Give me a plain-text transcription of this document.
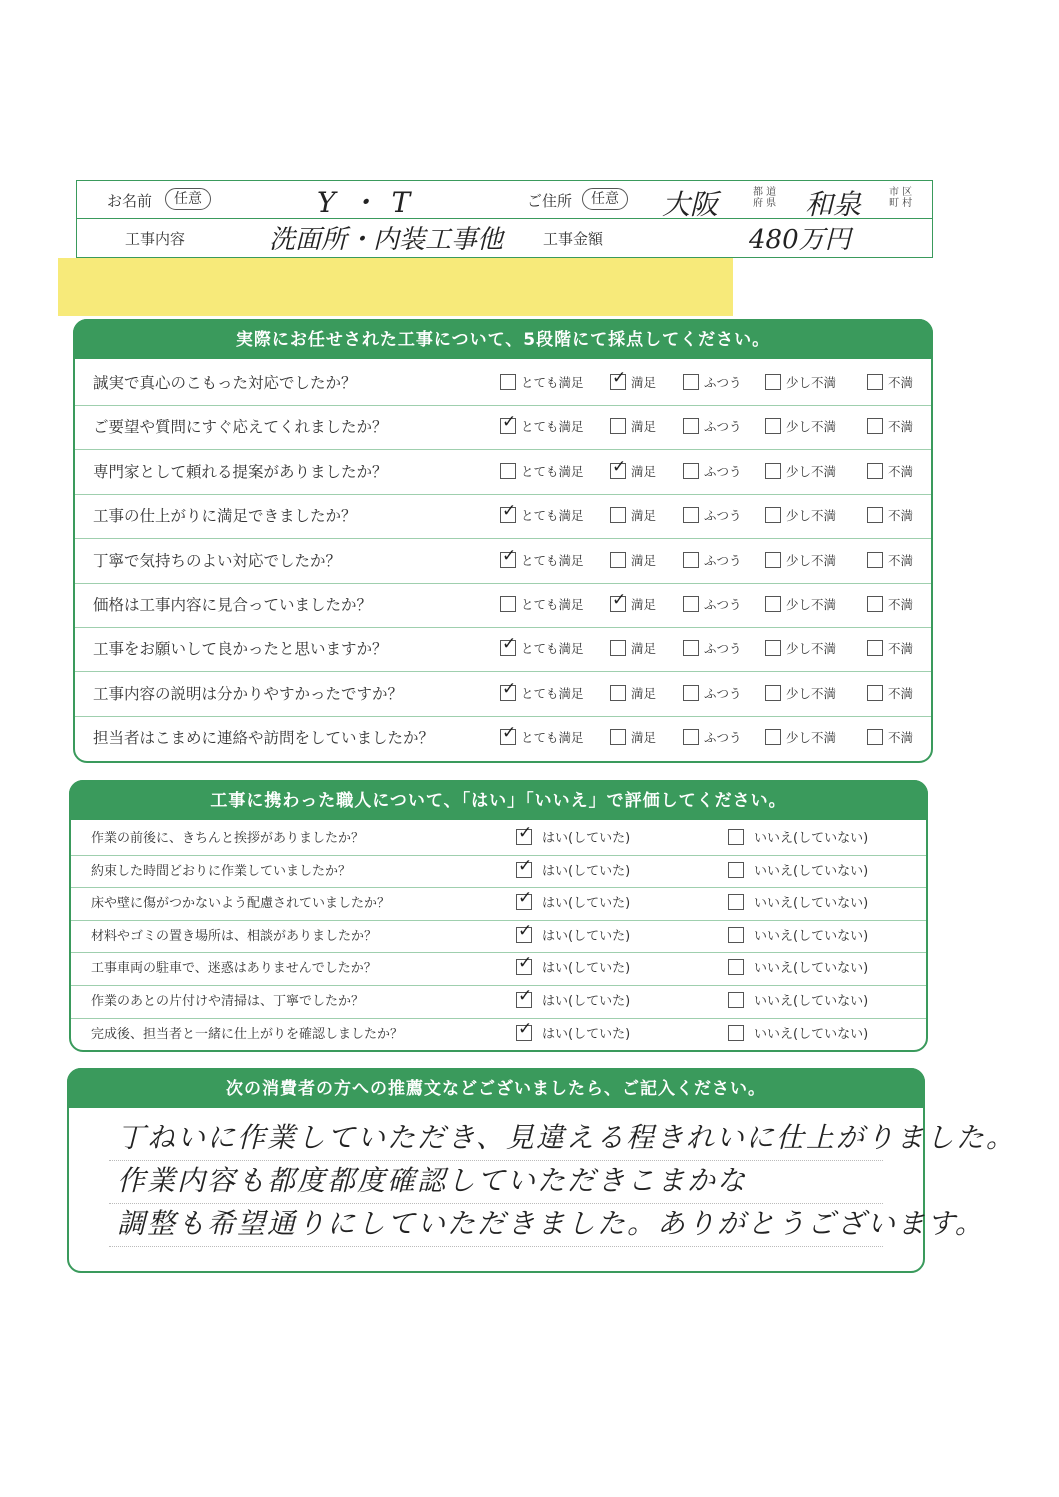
お名前	任意	Y・T	ご住所	任意	大阪	都 道
府 県 和泉	市 区
町 村
工事内容	洗面所・内装工事他	工事金額	480万円
実際にお任せされた工事について、5段階にて採点してください。
誠実で真心のこもった対応でしたか？	とても満足 ✓ 満足	ふつう	少し不満	不満
ご要望や質問にすぐ応えてくれましたか？	✓ とても満足	満足	ふつう	少し不満	不満
専門家として頼れる提案がありましたか？	とても満足 ✓ 満足	ふつう	少し不満	不満
工事の仕上がりに満足できましたか？	✓ とても満足	満足	ふつう	少し不満	不満
丁寧で気持ちのよい対応でしたか？	✓ とても満足	満足	ふつう	少し不満	不満
価格は工事内容に見合っていましたか？	とても満足 ✓ 満足	ふつう	少し不満	不満
工事をお願いして良かったと思いますか？	✓ とても満足	満足	ふつう	少し不満	不満
工事内容の説明は分かりやすかったですか？	✓ とても満足	満足	ふつう	少し不満	不満
担当者はこまめに連絡や訪問をしていましたか？	✓ とても満足	満足	ふつう	少し不満	不満
工事に携わった職人について、「はい」「いいえ」で評価してください。
作業の前後に、きちんと挨拶がありましたか？	✓ はい(していた)	いいえ(していない)
約束した時間どおりに作業していましたか？	✓ はい(していた)	いいえ(していない)
床や壁に傷がつかないよう配慮されていましたか？	✓ はい(していた)	いいえ(していない)
材料やゴミの置き場所は、相談がありましたか？	✓ はい(していた)	いいえ(していない)
工事車両の駐車で、迷惑はありませんでしたか？	✓ はい(していた)	いいえ(していない)
作業のあとの片付けや清掃は、丁寧でしたか？	✓ はい(していた)	いいえ(していない)
完成後、担当者と一緒に仕上がりを確認しましたか？	✓ はい(していた)	いいえ(していない)
次の消費者の方への推薦文などございましたら、ご記入ください。
丁ねいに作業していただき、見違える程きれいに仕上がりました。
作業内容も都度都度確認していただきこまかな
調整も希望通りにしていただきました。ありがとうございます。
